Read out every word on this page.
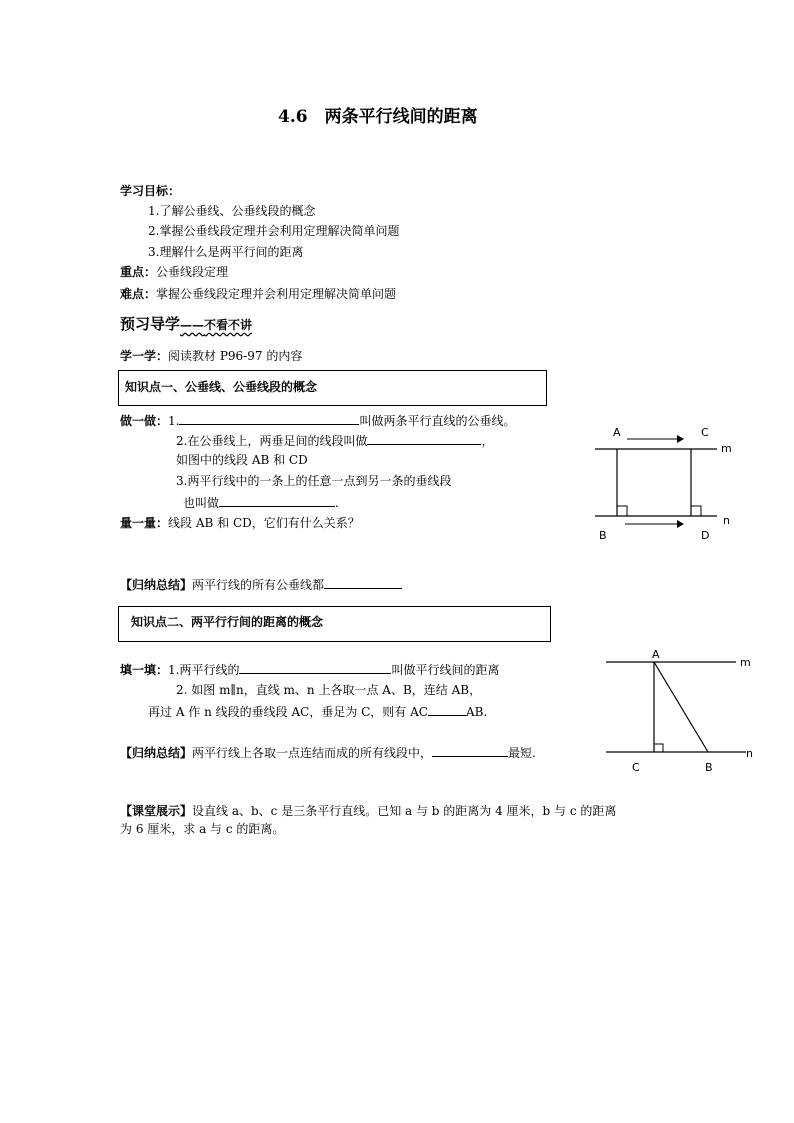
4.6　两条平行线间的距离
学习目标：
1.了解公垂线、公垂线段的概念
2.掌握公垂线段定理并会利用定理解决简单问题
3.理解什么是两平行间的距离
重点：公垂线段定理
难点：掌握公垂线段定理并会利用定理解决简单问题
预习导学——不看不讲
学一学：阅读教材 P96-97 的内容
知识点一、公垂线、公垂线段的概念
做一做：1.	叫做两条平行直线的公垂线。
2.在公垂线上，两垂足间的线段叫做	，
如图中的线段 AB 和 CD
3.两平行线中的一条上的任意一点到另一条的垂线段
也叫做	.
量一量：线段 AB 和 CD，它们有什么关系？
A	C
m
n
B	D
【归纳总结】两平行线的所有公垂线都
知识点二、两平行行间的距离的概念
填一填：1.两平行线的	叫做平行线间的距离
2. 如图 m∥n，直线 m、n 上各取一点 A、B，连结 AB，
再过 A 作 n 线段的垂线段 AC，垂足为 C，则有 AC	AB.
【归纳总结】两平行线上各取一点连结而成的所有线段中，	最短.
A
m
n
C	B
【课堂展示】设直线 a、b、c 是三条平行直线。已知 a 与 b 的距离为 4 厘米，b 与 c 的距离
为 6 厘米，求 a 与 c 的距离。
